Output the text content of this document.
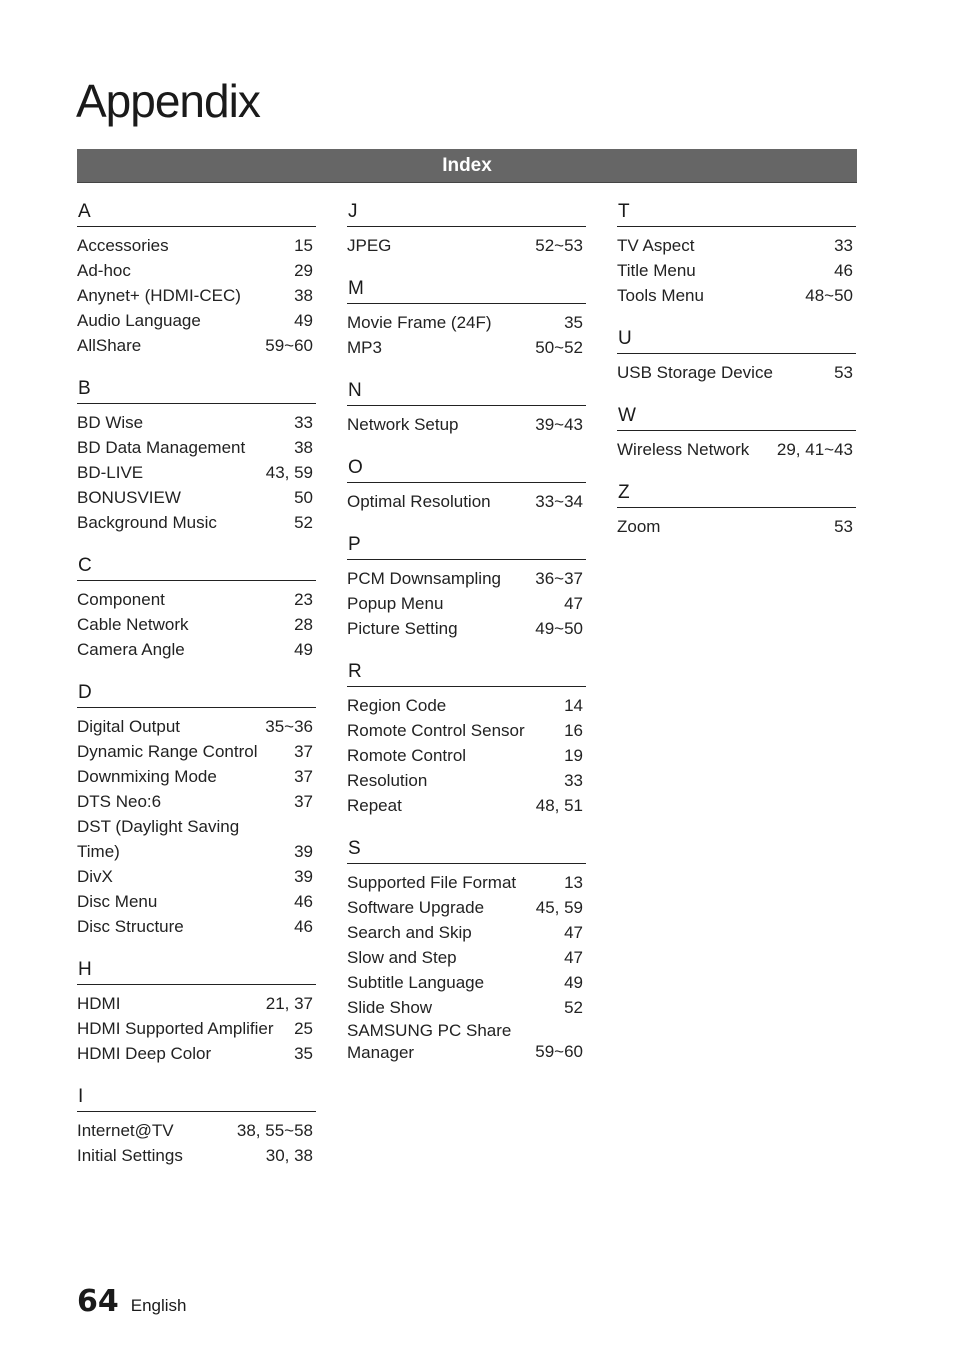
Appendix
Index
A
Accessories	15
Ad-hoc	29
Anynet+ (HDMI-CEC)	38
Audio Language	49
AllShare	59~60
B
BD Wise	33
BD Data Management	38
BD-LIVE	43, 59
BONUSVIEW	50
Background Music	52
C
Component	23
Cable Network	28
Camera Angle	49
D
Digital Output	35~36
Dynamic Range Control	37
Downmixing Mode	37
DTS Neo:6	37
DST (Daylight Saving Time)	39
DivX	39
Disc Menu	46
Disc Structure	46
H
HDMI	21, 37
HDMI Supported Amplifier	25
HDMI Deep Color	35
I
Internet@TV	38, 55~58
Initial Settings	30, 38
J
JPEG	52~53
M
Movie Frame (24F)	35
MP3	50~52
N
Network Setup	39~43
O
Optimal Resolution	33~34
P
PCM Downsampling	36~37
Popup Menu	47
Picture Setting	49~50
R
Region Code	14
Romote Control Sensor	16
Romote Control	19
Resolution	33
Repeat	48, 51
S
Supported File Format	13
Software Upgrade	45, 59
Search and Skip	47
Slow and Step	47
Subtitle Language	49
Slide Show	52
SAMSUNG PC Share
Manager	59~60
T
TV Aspect	33
Title Menu	46
Tools Menu	48~50
U
USB Storage Device	53
W
Wireless Network	29, 41~43
Z
Zoom	53
64 English
